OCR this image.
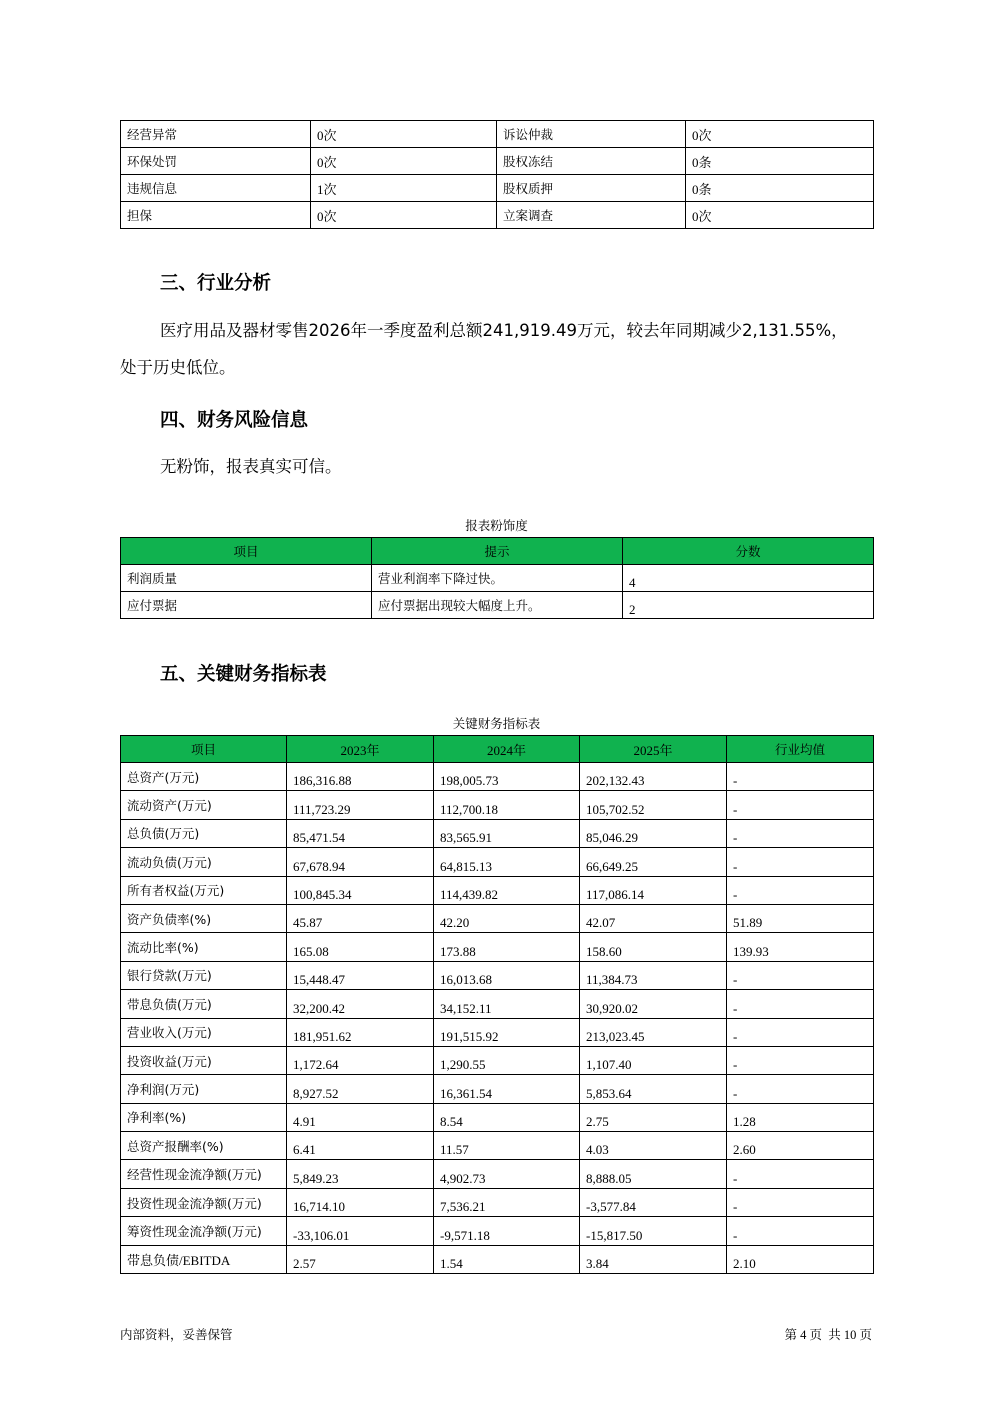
经营异常	0次	诉讼仲裁	0次
环保处罚	0次	股权冻结	0条
违规信息	1次	股权质押	0条
担保	0次	立案调查	0次
三、行业分析

医疗用品及器材零售2026年一季度盈利总额241,919.49万元，较去年同期减少2,131.55%，

处于历史低位。

四、财务风险信息

无粉饰，报表真实可信。

报表粉饰度

项目	提示	分数
利润质量	营业利润率下降过快。	4
应付票据	应付票据出现较大幅度上升。	2
五、关键财务指标表

关键财务指标表

项目	2023年	2024年	2025年	行业均值
总资产(万元)	186,316.88	198,005.73	202,132.43	-
流动资产(万元)	111,723.29	112,700.18	105,702.52	-
总负债(万元)	85,471.54	83,565.91	85,046.29	-
流动负债(万元)	67,678.94	64,815.13	66,649.25	-
所有者权益(万元)	100,845.34	114,439.82	117,086.14	-
资产负债率(%)	45.87	42.20	42.07	51.89
流动比率(%)	165.08	173.88	158.60	139.93
银行贷款(万元)	15,448.47	16,013.68	11,384.73	-
带息负债(万元)	32,200.42	34,152.11	30,920.02	-
营业收入(万元)	181,951.62	191,515.92	213,023.45	-
投资收益(万元)	1,172.64	1,290.55	1,107.40	-
净利润(万元)	8,927.52	16,361.54	5,853.64	-
净利率(%)	4.91	8.54	2.75	1.28
总资产报酬率(%)	6.41	11.57	4.03	2.60
经营性现金流净额(万元)	5,849.23	4,902.73	8,888.05	-
投资性现金流净额(万元)	16,714.10	7,536.21	-3,577.84	-
筹资性现金流净额(万元)	-33,106.01	-9,571.18	-15,817.50	-
带息负债/EBITDA	2.57	1.54	3.84	2.10

内部资料，妥善保管	第 4 页  共 10 页
